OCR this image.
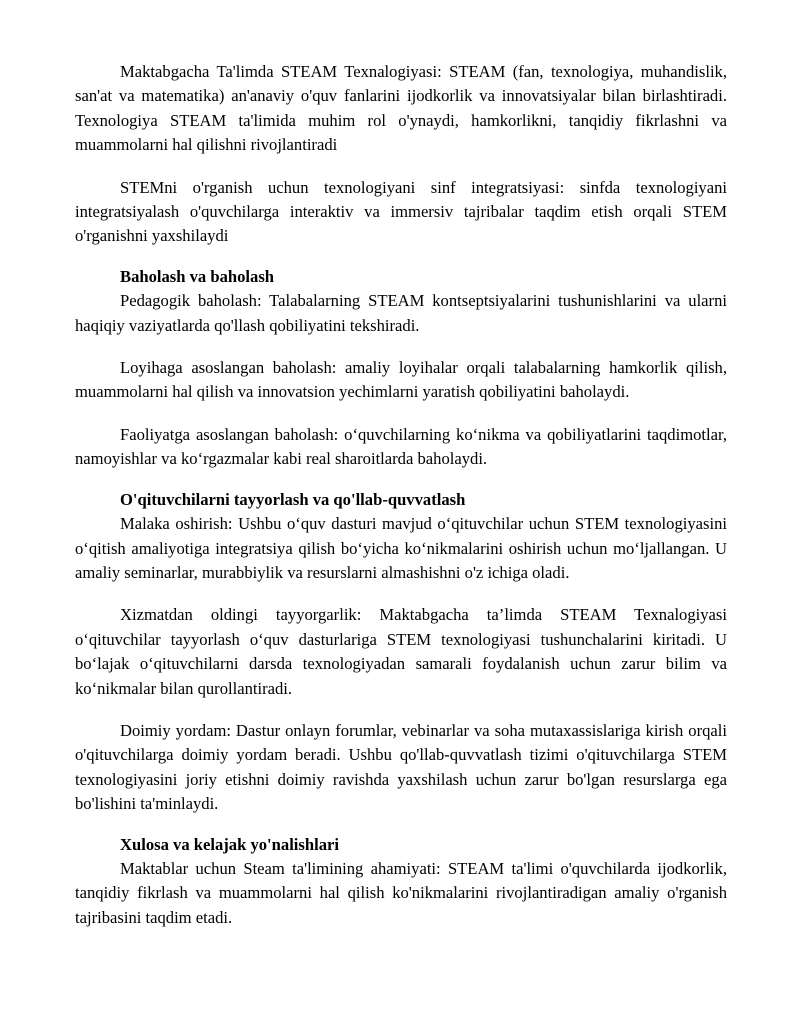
Maktabgacha Ta'limda STEAM Texnalogiyasi: STEAM (fan, texnologiya, muhandislik, san'at va matematika) an'anaviy o'quv fanlarini ijodkorlik va innovatsiyalar bilan birlashtiradi. Texnologiya STEAM ta'limida muhim rol o'ynaydi, hamkorlikni, tanqidiy fikrlashni va muammolarni hal qilishni rivojlantiradi

STEMni o'rganish uchun texnologiyani sinf integratsiyasi: sinfda texnologiyani integratsiyalash o'quvchilarga interaktiv va immersiv tajribalar taqdim etish orqali STEM o'rganishni yaxshilaydi

Baholash va baholash

Pedagogik baholash: Talabalarning STEAM kontseptsiyalarini tushunishlarini va ularni haqiqiy vaziyatlarda qo'llash qobiliyatini tekshiradi.

Loyihaga asoslangan baholash: amaliy loyihalar orqali talabalarning hamkorlik qilish, muammolarni hal qilish va innovatsion yechimlarni yaratish qobiliyatini baholaydi.

Faoliyatga asoslangan baholash: o‘quvchilarning ko‘nikma va qobiliyatlarini taqdimotlar, namoyishlar va ko‘rgazmalar kabi real sharoitlarda baholaydi.

O'qituvchilarni tayyorlash va qo'llab-quvvatlash

Malaka oshirish: Ushbu o‘quv dasturi mavjud o‘qituvchilar uchun STEM texnologiyasini o‘qitish amaliyotiga integratsiya qilish bo‘yicha ko‘nikmalarini oshirish uchun mo‘ljallangan. U amaliy seminarlar, murabbiylik va resurslarni almashishni o'z ichiga oladi.

Xizmatdan oldingi tayyorgarlik: Maktabgacha ta’limda STEAM Texnalogiyasi o‘qituvchilar tayyorlash o‘quv dasturlariga STEM texnologiyasi tushunchalarini kiritadi. U bo‘lajak o‘qituvchilarni darsda texnologiyadan samarali foydalanish uchun zarur bilim va ko‘nikmalar bilan qurollantiradi.

Doimiy yordam: Dastur onlayn forumlar, vebinarlar va soha mutaxassislariga kirish orqali o'qituvchilarga doimiy yordam beradi. Ushbu qo'llab-quvvatlash tizimi o'qituvchilarga STEM texnologiyasini joriy etishni doimiy ravishda yaxshilash uchun zarur bo'lgan resurslarga ega bo'lishini ta'minlaydi.

Xulosa va kelajak yo'nalishlari

Maktablar uchun Steam ta'limining ahamiyati: STEAM ta'limi o'quvchilarda ijodkorlik, tanqidiy fikrlash va muammolarni hal qilish ko'nikmalarini rivojlantiradigan amaliy o'rganish tajribasini taqdim etadi.
